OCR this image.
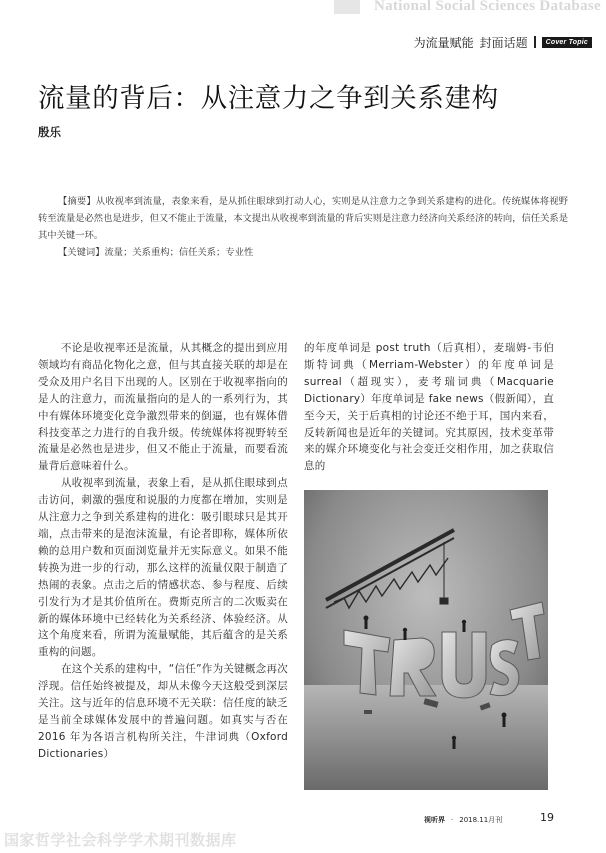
National Social Sciences Database
为流量赋能 封面话题	Cover Topic
流量的背后：从注意力之争到关系建构
殷乐

【摘要】从收视率到流量，表象来看，是从抓住眼球到打动人心，实则是从注意力之争到关系建构的进化。传统媒体将视野转至流量是必然也是进步，但又不能止于流量，本文提出从收视率到流量的背后实则是注意力经济向关系经济的转向，信任关系是其中关键一环。

【关键词】流量；关系重构；信任关系；专业性

不论是收视率还是流量，从其概念的提出到应用领域均有商品化物化之意，但与其直接关联的却是在受众及用户名目下出现的人。区别在于收视率指向的是人的注意力，而流量指向的是人的一系列行为，其中有媒体环境变化竞争激烈带来的倒逼，也有媒体借科技变革之力进行的自我升级。传统媒体将视野转至流量是必然也是进步，但又不能止于流量，而要看流量背后意味着什么。

从收视率到流量，表象上看，是从抓住眼球到点击访问，刺激的强度和说服的力度都在增加，实则是从注意力之争到关系建构的进化：吸引眼球只是其开端，点击带来的是泡沫流量，有论者即称，媒体所依赖的总用户数和页面浏览量并无实际意义。如果不能转换为进一步的行动，那么这样的流量仅限于制造了热闹的表象。点击之后的情感状态、参与程度、后续引发行为才是其价值所在。费斯克所言的二次贩卖在新的媒体环境中已经转化为关系经济、体验经济。从这个角度来看，所谓为流量赋能，其后蕴含的是关系重构的问题。

在这个关系的建构中，“信任”作为关键概念再次浮现。信任始终被提及，却从未像今天这般受到深层关注。这与近年的信息环境不无关联：信任度的缺乏是当前全球媒体发展中的普遍问题。如真实与否在 2016 年为各语言机构所关注，牛津词典（Oxford Dictionaries）

的年度单词是 post truth（后真相），麦瑞姆-韦伯斯特词典（Merriam-Webster）的年度单词是 surreal（超现实），麦考瑞词典（Macquarie Dictionary）年度单词是 fake news（假新闻），直至今天，关于后真相的讨论还不绝于耳，国内来看，反转新闻也是近年的关键词。究其原因，技术变革带来的媒介环境变化与社会变迁交相作用，加之获取信息的

视听界 · 2018.11月刊	19
国家哲学社会科学学术期刊数据库
